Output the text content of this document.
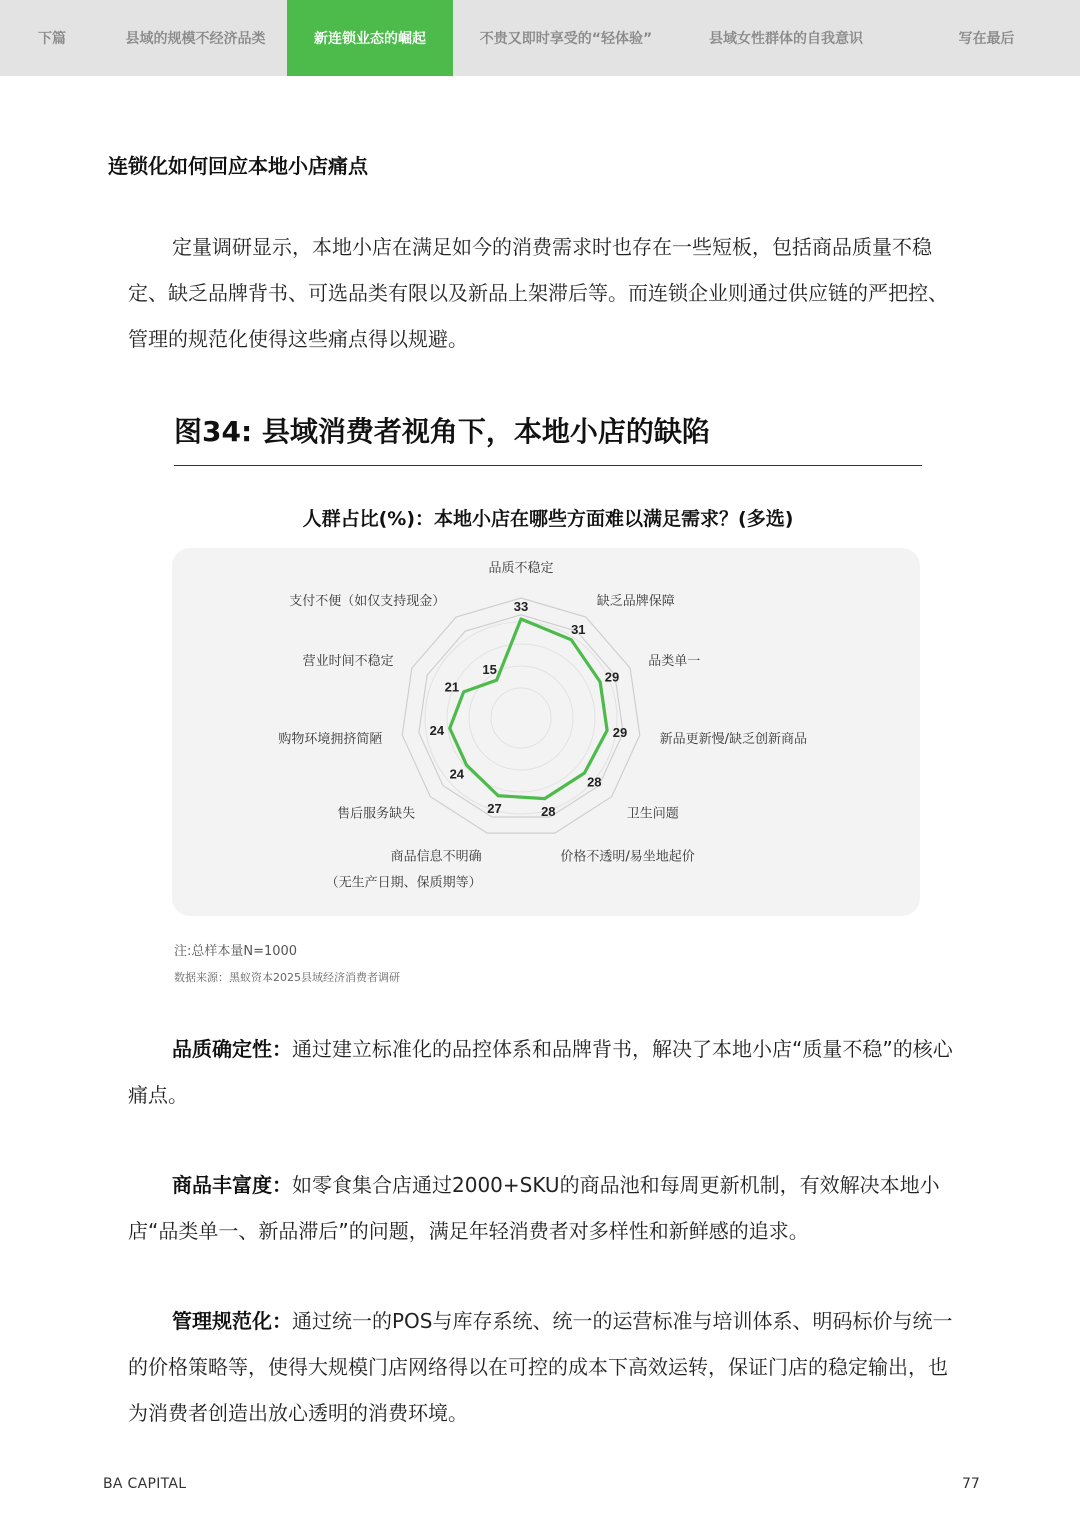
下篇	县域的规模不经济品类	新连锁业态的崛起	不贵又即时享受的“轻体验”	县域女性群体的自我意识	写在最后
连锁化如何回应本地小店痛点
定量调研显示，本地小店在满足如今的消费需求时也存在一些短板，包括商品质量不稳定、缺乏品牌背书、可选品类有限以及新品上架滞后等。而连锁企业则通过供应链的严把控、管理的规范化使得这些痛点得以规避。
图34: 县域消费者视角下，本地小店的缺陷
人群占比(%)：本地小店在哪些方面难以满足需求？(多选)
33
31
29
29
28
28
27
24
24
21
15
品质不稳定
缺乏品牌保障
品类单一
新品更新慢/缺乏创新商品
卫生问题
价格不透明/易坐地起价
商品信息不明确（无生产日期、保质期等）
售后服务缺失
购物环境拥挤简陋
营业时间不稳定
支付不便（如仅支持现金）
注:总样本量N=1000
数据来源：黑蚁资本2025县域经济消费者调研
品质确定性：通过建立标准化的品控体系和品牌背书，解决了本地小店“质量不稳”的核心痛点。
商品丰富度：如零食集合店通过2000+SKU的商品池和每周更新机制，有效解决本地小店“品类单一、新品滞后”的问题，满足年轻消费者对多样性和新鲜感的追求。
管理规范化：通过统一的POS与库存系统、统一的运营标准与培训体系、明码标价与统一的价格策略等，使得大规模门店网络得以在可控的成本下高效运转，保证门店的稳定输出，也为消费者创造出放心透明的消费环境。
BA CAPITAL	77
